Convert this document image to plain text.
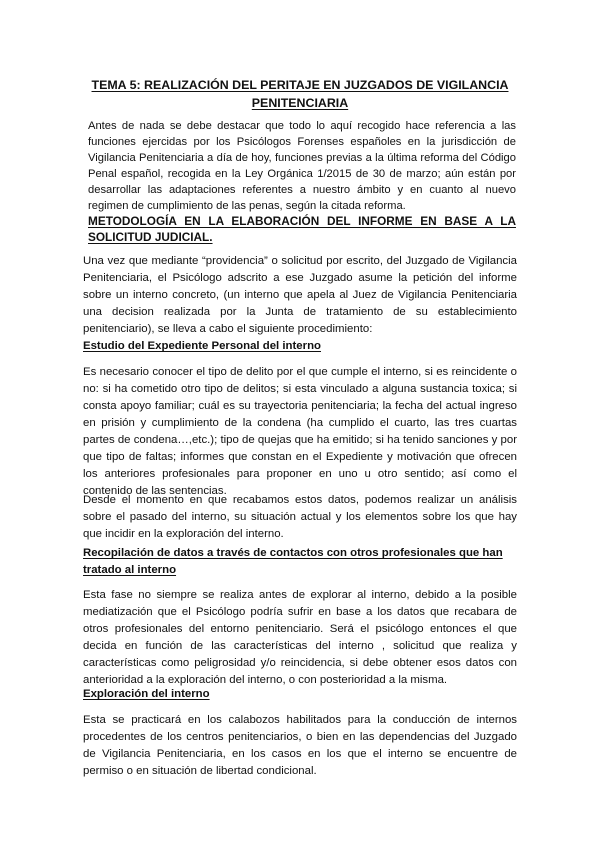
TEMA 5: REALIZACIÓN DEL PERITAJE EN JUZGADOS DE VIGILANCIA PENITENCIARIA
Antes de nada se debe destacar que todo lo aquí recogido hace referencia a las funciones ejercidas por los Psicólogos Forenses españoles en la jurisdicción de Vigilancia Penitenciaria a día de hoy, funciones previas a la última reforma del Código Penal español, recogida en la Ley Orgánica 1/2015 de 30 de marzo; aún están por desarrollar las adaptaciones referentes a nuestro ámbito y en cuanto al nuevo regimen de cumplimiento de las penas, según la citada reforma.
METODOLOGÍA EN LA ELABORACIÓN DEL INFORME EN BASE A LA SOLICITUD JUDICIAL.
Una vez que mediante “providencia” o solicitud por escrito, del Juzgado de Vigilancia Penitenciaria, el Psicólogo adscrito a ese Juzgado asume la petición del informe sobre un interno concreto, (un interno que apela al Juez de Vigilancia Penitenciaria una decision realizada por la Junta de tratamiento de su establecimiento penitenciario), se lleva a cabo el siguiente procedimiento:
Estudio del Expediente Personal del interno
Es necesario conocer el tipo de delito por el que cumple el interno, si es reincidente o no: si ha cometido otro tipo de delitos; si esta vinculado a alguna sustancia toxica; si consta apoyo familiar; cuál es su trayectoria penitenciaria; la fecha del actual ingreso en prisión y cumplimiento de la condena (ha cumplido el cuarto, las tres cuartas partes de condena…,etc.); tipo de quejas que ha emitido; si ha tenido sanciones y por que tipo de faltas; informes que constan en el Expediente y motivación que ofrecen los anteriores profesionales para proponer en uno u otro sentido; así como el contenido de las sentencias.
Desde el momento en que recabamos estos datos, podemos realizar un análisis sobre el pasado del interno, su situación actual y los elementos sobre los que hay que incidir en la exploración del interno.
Recopilación de datos a través de contactos con otros profesionales que han tratado al interno
Esta fase no siempre se realiza antes de explorar al interno, debido a la posible mediatización que el Psicólogo podría sufrir en base a los datos que recabara de otros profesionales del entorno penitenciario. Será el psicólogo entonces el que decida en función de las características del interno , solicitud que realiza y características como peligrosidad y/o reincidencia, si debe obtener esos datos con anterioridad a la exploración del interno, o con posterioridad a la misma.
Exploración del interno
Esta se practicará en los calabozos habilitados para la conducción de internos procedentes de los centros penitenciarios, o bien en las dependencias del Juzgado de Vigilancia Penitenciaria, en los casos en los que el interno se encuentre de permiso o en situación de libertad condicional.
